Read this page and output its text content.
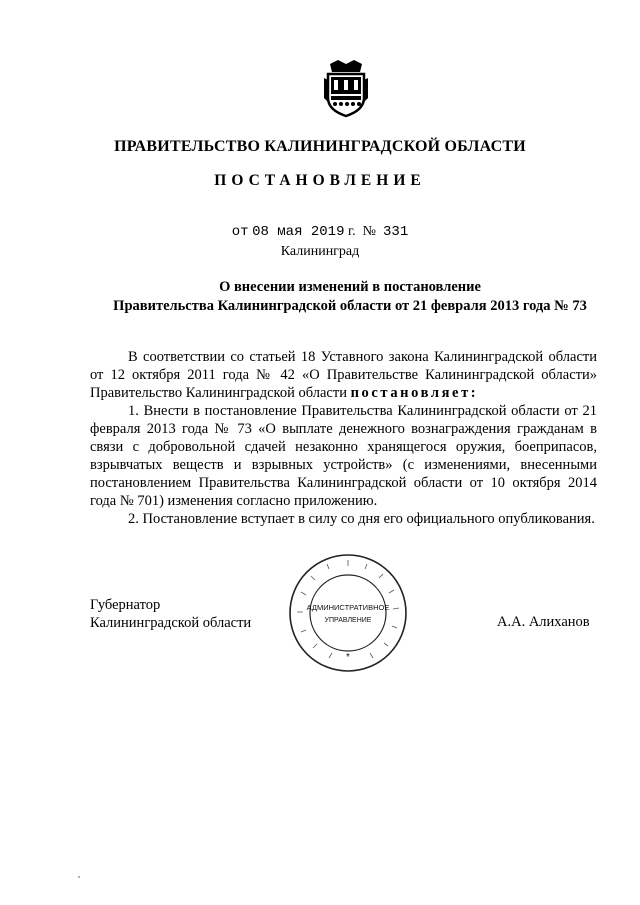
ПРАВИТЕЛЬСТВО КАЛИНИНГРАДСКОЙ ОБЛАСТИ
ПОСТАНОВЛЕНИЕ
от 08 мая 2019 г. № 331
Калининград
О внесении изменений в постановление
Правительства Калининградской области от 21 февраля 2013 года № 73

В соответствии со статьей 18 Уставного закона Калининградской области от 12 октября 2011 года № 42 «О Правительстве Калининградской области» Правительство Калининградской области постановляет:

1. Внести в постановление Правительства Калининградской области от 21 февраля 2013 года № 73 «О выплате денежного вознаграждения гражданам в связи с добровольной сдачей незаконно хранящегося оружия, боеприпасов, взрывчатых веществ и взрывных устройств» (с изменениями, внесенными постановлением Правительства Калининградской области от 10 октября 2014 года № 701) изменения согласно приложению.

2. Постановление вступает в силу со дня его официального опубликования.

АДМИНИСТРАТИВНОЕ
УПРАВЛЕНИЕ
*
Губернатор
Калининградской области	А.А. Алиханов
